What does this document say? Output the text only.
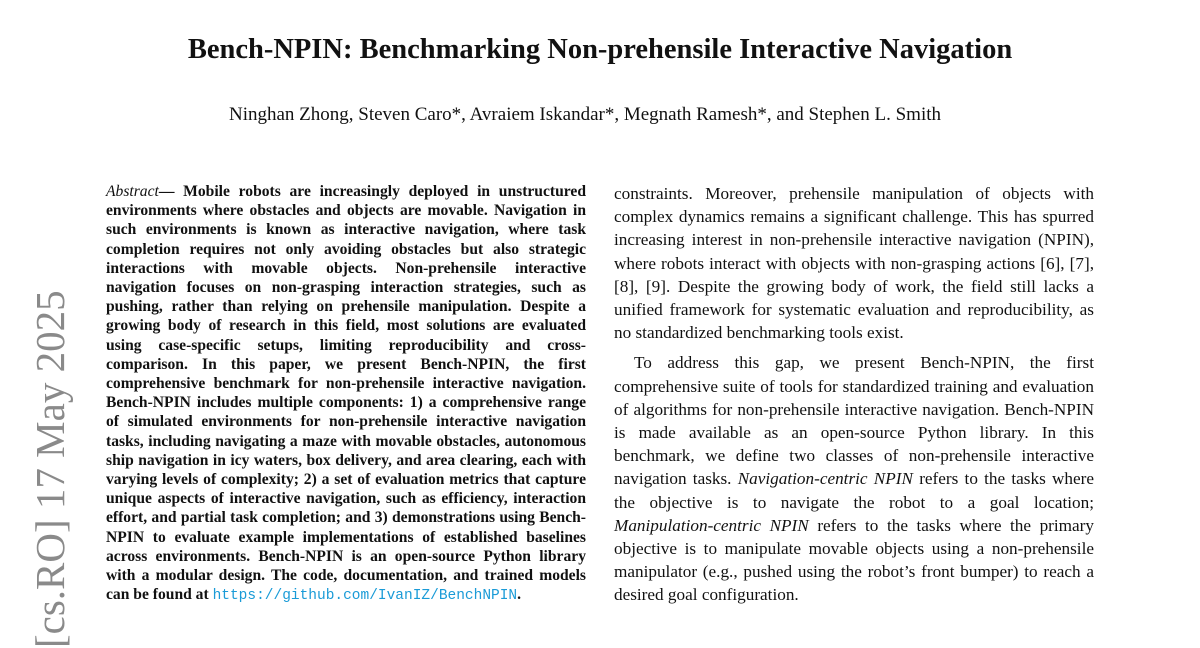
[cs.RO] 17 May 2025
Bench-NPIN: Benchmarking Non-prehensile Interactive Navigation
Ninghan Zhong, Steven Caro*, Avraiem Iskandar*, Megnath Ramesh*, and Stephen L. Smith
Abstract— Mobile robots are increasingly deployed in unstructured environments where obstacles and objects are movable. Navigation in such environments is known as interactive navigation, where task completion requires not only avoiding obstacles but also strategic interactions with movable objects. Non-prehensile interactive navigation focuses on non-grasping interaction strategies, such as pushing, rather than relying on prehensile manipulation. Despite a growing body of research in this field, most solutions are evaluated using case-specific setups, limiting reproducibility and cross-comparison. In this paper, we present Bench-NPIN, the first comprehensive benchmark for non-prehensile interactive navigation. Bench-NPIN includes multiple components: 1) a comprehensive range of simulated environments for non-prehensile interactive navigation tasks, including navigating a maze with movable obstacles, autonomous ship navigation in icy waters, box delivery, and area clearing, each with varying levels of complexity; 2) a set of evaluation metrics that capture unique aspects of interactive navigation, such as efficiency, interaction effort, and partial task completion; and 3) demonstrations using Bench-NPIN to evaluate example implementations of established baselines across environments. Bench-NPIN is an open-source Python library with a modular design. The code, documentation, and trained models can be found at https://github.com/IvanIZ/BenchNPIN.

constraints. Moreover, prehensile manipulation of objects with complex dynamics remains a significant challenge. This has spurred increasing interest in non-prehensile interactive navigation (NPIN), where robots interact with objects with non-grasping actions [6], [7], [8], [9]. Despite the growing body of work, the field still lacks a unified framework for systematic evaluation and reproducibility, as no standardized benchmarking tools exist.

To address this gap, we present Bench-NPIN, the first comprehensive suite of tools for standardized training and evaluation of algorithms for non-prehensile interactive navigation. Bench-NPIN is made available as an open-source Python library. In this benchmark, we define two classes of non-prehensile interactive navigation tasks. Navigation-centric NPIN refers to the tasks where the objective is to navigate the robot to a goal location; Manipulation-centric NPIN refers to the tasks where the primary objective is to manipulate movable objects using a non-prehensile manipulator (e.g., pushed using the robot’s front bumper) to reach a desired goal configuration.
